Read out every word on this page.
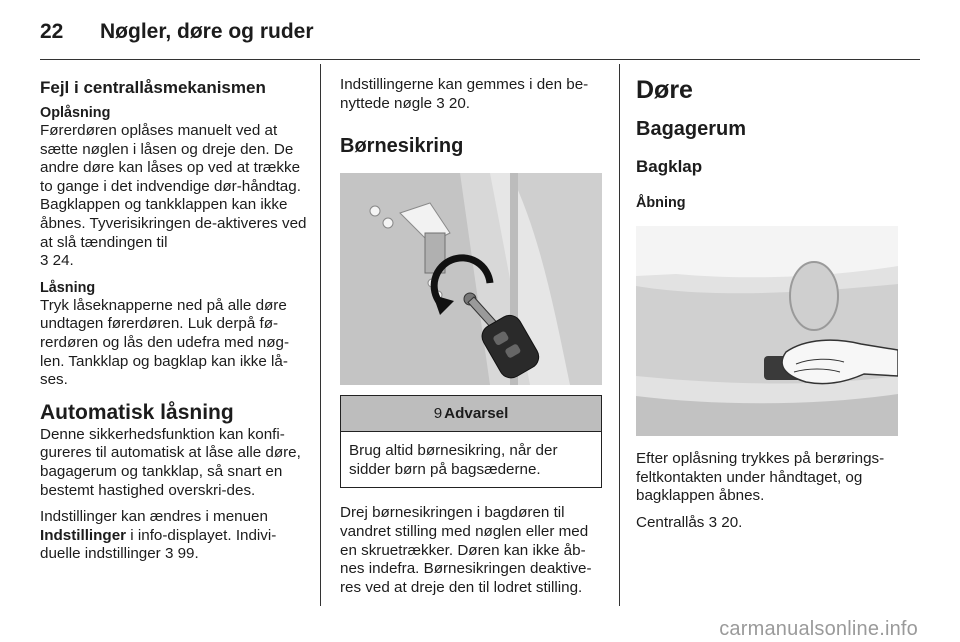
22	Nøgler, døre og ruder
Fejl i centrallåsmekanismen
Oplåsning

Førerdøren oplåses manuelt ved at sætte nøglen i låsen og dreje den. De andre døre kan låses op ved at trække to gange i det indvendige dør-håndtag. Bagklappen og tankklappen kan ikke åbnes. Tyverisikringen de-aktiveres ved at slå tændingen til

3 24.

Låsning

Tryk låseknapperne ned på alle døre undtagen førerdøren. Luk derpå fø-rerdøren og lås den udefra med nøg-len. Tankklap og bagklap kan ikke lå-ses.

Automatisk låsning

Denne sikkerhedsfunktion kan konfi-gureres til automatisk at låse alle døre, bagagerum og tankklap, så snart en bestemt hastighed overskri-des.

Indstillinger kan ændres i menuen Indstillinger i info-displayet. Indivi-duelle indstillinger 3 99.

Indstillingerne kan gemmes i den be-nyttede nøgle 3 20.

Børnesikring
9 Advarsel
Brug altid børnesikring, når der sidder børn på bagsæderne.

Drej børnesikringen i bagdøren til vandret stilling med nøglen eller med en skruetrækker. Døren kan ikke åb-nes indefra. Børnesikringen deaktive-res ved at dreje den til lodret stilling.

Døre
Bagagerum
Bagklap
Åbning

Efter oplåsning trykkes på berørings-feltkontakten under håndtaget, og bagklappen åbnes.

Centrallås 3 20.

carmanualsonline.info
